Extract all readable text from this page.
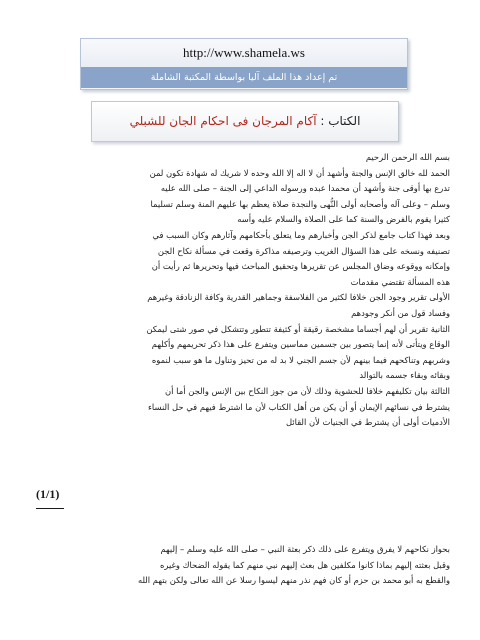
http://www.shamela.ws
تم إعداد هذا الملف آليا بواسطة المكتبة الشاملة
الكتاب : آكام المرجان فى احكام الجان للشبلي

بسم الله الرحمن الرحيم

الحمد لله خالق الإنس والجنة وأشهد أن لا اله إلا الله وحده لا شريك له شهادة تكون لمن

تدرع بها أوقى جنة وأشهد أن محمدا عبده ورسوله الداعي إلى الجنة – صلى الله عليه

وسلم – وعلى آله وأصحابه أولى النُّهى والنجدة صلاة يعظم بها عليهم المنة وسلم تسليما

كثيرا يقوم بالفرض والسنة كما على الصلاة والسلام عليه وأسه

وبعد فهذا كتاب جامع لذكر الجن وأخبارهم وما يتعلق بأحكامهم وآثارهم وكان السبب في

تصنيفه ونسخه على هذا السؤال الغريب وترصيفه مذاكرة وقعت في مسألة نكاح الجن

وإمكانه ووقوعه وضاق المجلس عن تقريرها وتحقيق المباحث فيها وتحريرها ثم رأيت أن

هذه المسألة تقتضي مقدمات

الأولى تقرير وجود الجن خلافا لكثير من الفلاسفة وجماهير القدرية وكافة الزنادقة وغيرهم

وفساد قول من أنكر وجودهم

الثانية تقرير أن لهم أجساما مشخصة رقيقة أو كثيفة تتطور وتتشكل في صور شتى ليمكن

الوقاع ويتأتى لأنه إنما يتصور بين جسمين مماسين ويتفرع على هذا ذكر تحريمهم وأكلهم

وشربهم وتناكحهم فيما بينهم لأن جسم الجني لا بد له من تحيز وتناول ما هو سبب لنموه

وبقائه وبقاء جسمه بالتوالد

الثالثة بيان تكليفهم خلافا للحشوية وذلك لأن من جوز النكاح بين الإنس والجن أما أن

يشترط في نسائهم الإيمان أو أن يكن من أهل الكتاب لأن ما اشترط فيهم في حل النساء

الأدميات أولى أن يشترط في الجنيات لأن القائل

(1/1)
———

بحواز نكاحهم لا يفرق ويتفرع على ذلك ذكر بعثة النبي – صلى الله عليه وسلم – إليهم

وقبل بعثته إليهم بماذا كانوا مكلفين هل بعث إليهم نبي منهم كما يقوله الضحاك وغيره

والقطع به أبو محمد بن حزم أو كان فهم نذر منهم ليسوا رسلا عن الله تعالى ولكن بتهم الله
